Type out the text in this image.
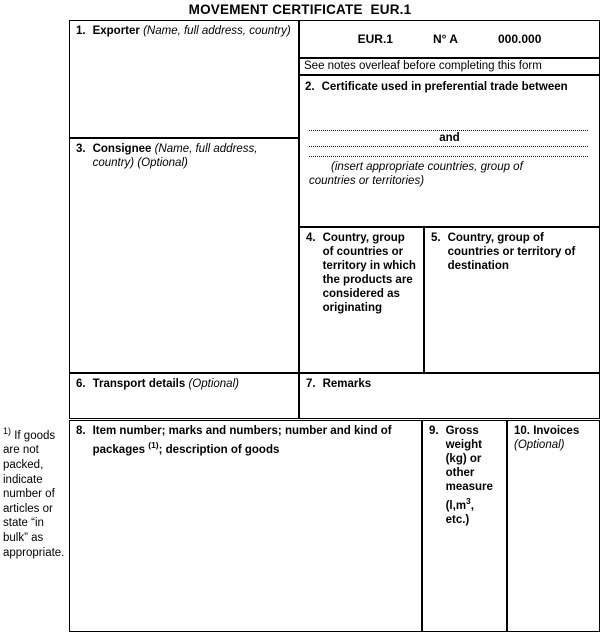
MOVEMENT CERTIFICATE  EUR.1
1. Exporter (Name, full address, country)
3. Consignee (Name, full address, country) (Optional)
6. Transport details (Optional)
EUR.1	N° A	000.000
See notes overleaf before completing this form
2. Certificate used in preferential trade between
and
(insert appropriate countries, group of
countries or territories)
4. Country, group of countries or territory in which the products are considered as originating
5. Country, group of countries or territory of destination
7. Remarks
8. Item number; marks and numbers; number and kind of packages $^{(1)}$; description of goods
9. Gross
weight
(kg) or
other
measure
($l,m^3$,
etc.)
10. Invoices
(Optional)
$^{1)}$ If goods are not packed, indicate number of articles or state “in bulk” as appropriate.
